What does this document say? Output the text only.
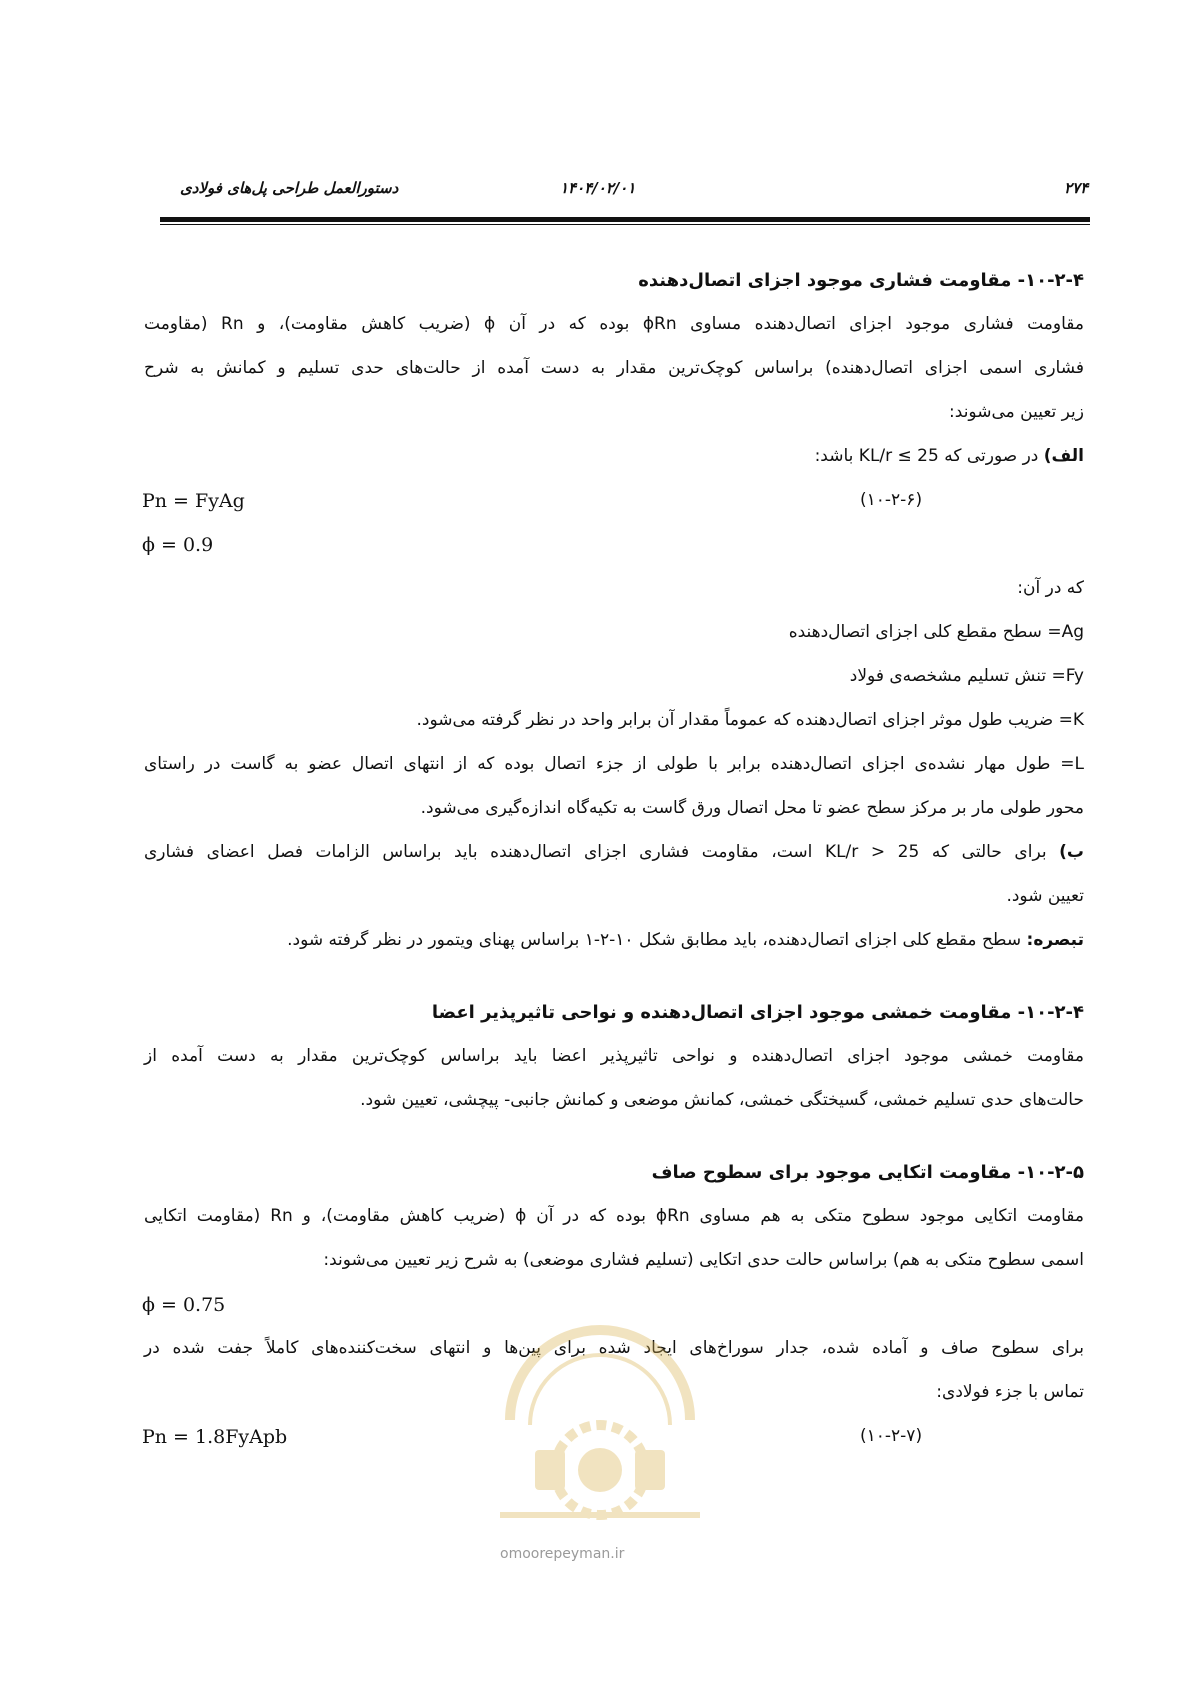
دستورالعمل طراحی پل‌های فولادی	۱۴۰۴/۰۲/۰۱	۲۷۴
۱۰-۲-۴- مقاومت فشاری موجود اجزای اتصال‌دهنده
مقاومت فشاری موجود اجزای اتصال‌دهنده مساوی ϕRn بوده که در آن ϕ (ضریب کاهش مقاومت)، و Rn (مقاومت
فشاری اسمی اجزای اتصال‌دهنده) براساس کوچک‌ترین مقدار به دست آمده از حالت‌های حدی تسلیم و کمانش به شرح
زیر تعیین می‌شوند:
الف) در صورتی که KL/r ≤ 25 باشد:
Pn = FyAg	(۱۰-۲-۶)
ϕ = 0.9
که در آن:
Ag= سطح مقطع کلی اجزای اتصال‌دهنده
Fy= تنش تسلیم مشخصه‌ی فولاد
K= ضریب طول موثر اجزای اتصال‌دهنده که عموماً مقدار آن برابر واحد در نظر گرفته می‌شود.
L= طول مهار نشده‌ی اجزای اتصال‌دهنده برابر با طولی از جزء اتصال بوده که از انتهای اتصال عضو به گاست در راستای
محور طولی مار بر مرکز سطح عضو تا محل اتصال ورق گاست به تکیه‌گاه اندازه‌گیری می‌شود.
ب) برای حالتی که KL/r > 25 است، مقاومت فشاری اجزای اتصال‌دهنده باید براساس الزامات فصل اعضای فشاری
تعیین شود.
تبصره: سطح مقطع کلی اجزای اتصال‌دهنده، باید مطابق شکل ۱۰-۲-۱ براساس پهنای ویتمور در نظر گرفته شود.
۱۰-۲-۴- مقاومت خمشی موجود اجزای اتصال‌دهنده و نواحی تاثیرپذیر اعضا
مقاومت خمشی موجود اجزای اتصال‌دهنده و نواحی تاثیرپذیر اعضا باید براساس کوچک‌ترین مقدار به دست آمده از
حالت‌های حدی تسلیم خمشی، گسیختگی خمشی، کمانش موضعی و کمانش جانبی- پیچشی، تعیین شود.
۱۰-۲-۵- مقاومت اتکایی موجود برای سطوح صاف
مقاومت اتکایی موجود سطوح متکی به هم مساوی ϕRn بوده که در آن ϕ (ضریب کاهش مقاومت)، و Rn (مقاومت اتکایی
اسمی سطوح متکی به هم) براساس حالت حدی اتکایی (تسلیم فشاری موضعی) به شرح زیر تعیین می‌شوند:
ϕ = 0.75
برای سطوح صاف و آماده شده، جدار سوراخ‌های ایجاد شده برای پین‌ها و انتهای سخت‌کننده‌های کاملاً جفت شده در
تماس با جزء فولادی:
Pn = 1.8FyApb	(۱۰-۲-۷)
omoorepeyman.ir
